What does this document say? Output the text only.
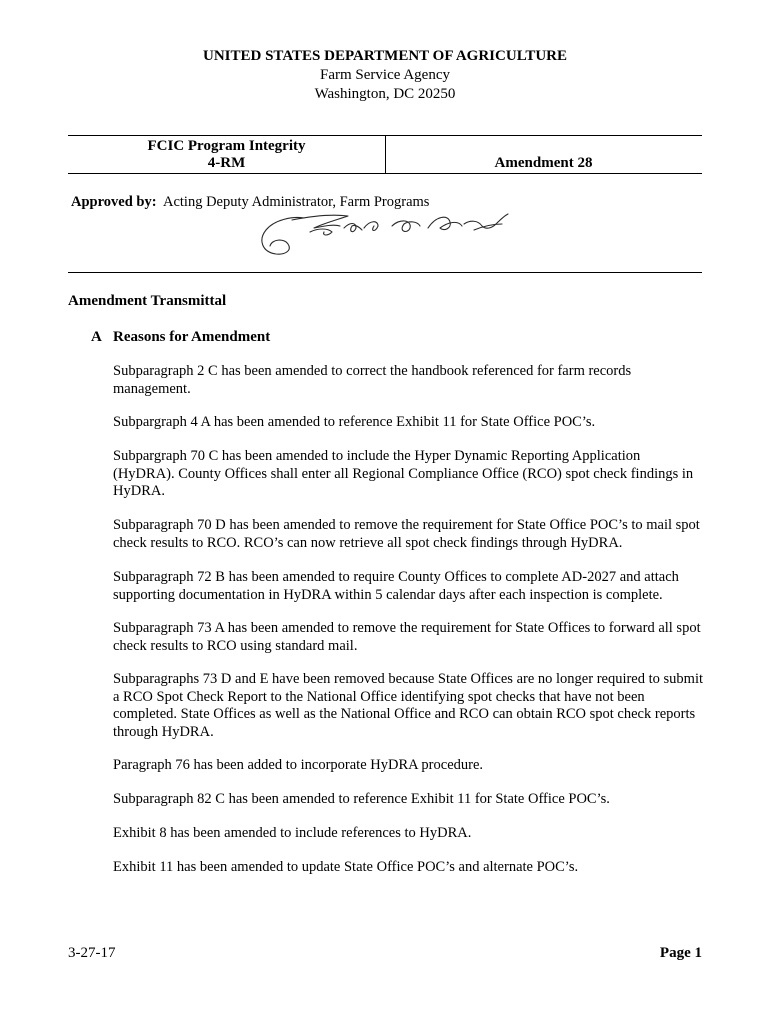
UNITED STATES DEPARTMENT OF AGRICULTURE
Farm Service Agency
Washington, DC 20250
FCIC Program Integrity
4-RM	Amendment 28
Approved by: Acting Deputy Administrator, Farm Programs
Amendment Transmittal
A Reasons for Amendment
Subparagraph 2 C has been amended to correct the handbook referenced for farm records management.
Subpargraph 4 A has been amended to reference Exhibit 11 for State Office POC’s.
Subpargraph 70 C has been amended to include the Hyper Dynamic Reporting Application (HyDRA). County Offices shall enter all Regional Compliance Office (RCO) spot check findings in HyDRA.
Subparagraph 70 D has been amended to remove the requirement for State Office POC’s to mail spot check results to RCO. RCO’s can now retrieve all spot check findings through HyDRA.
Subparagraph 72 B has been amended to require County Offices to complete AD-2027 and attach supporting documentation in HyDRA within 5 calendar days after each inspection is complete.
Subparagraph 73 A has been amended to remove the requirement for State Offices to forward all spot check results to RCO using standard mail.
Subparagraphs 73 D and E have been removed because State Offices are no longer required to submit a RCO Spot Check Report to the National Office identifying spot checks that have not been completed. State Offices as well as the National Office and RCO can obtain RCO spot check reports through HyDRA.
Paragraph 76 has been added to incorporate HyDRA procedure.
Subparagraph 82 C has been amended to reference Exhibit 11 for State Office POC’s.
Exhibit 8 has been amended to include references to HyDRA.
Exhibit 11 has been amended to update State Office POC’s and alternate POC’s.
3-27-17	Page 1
